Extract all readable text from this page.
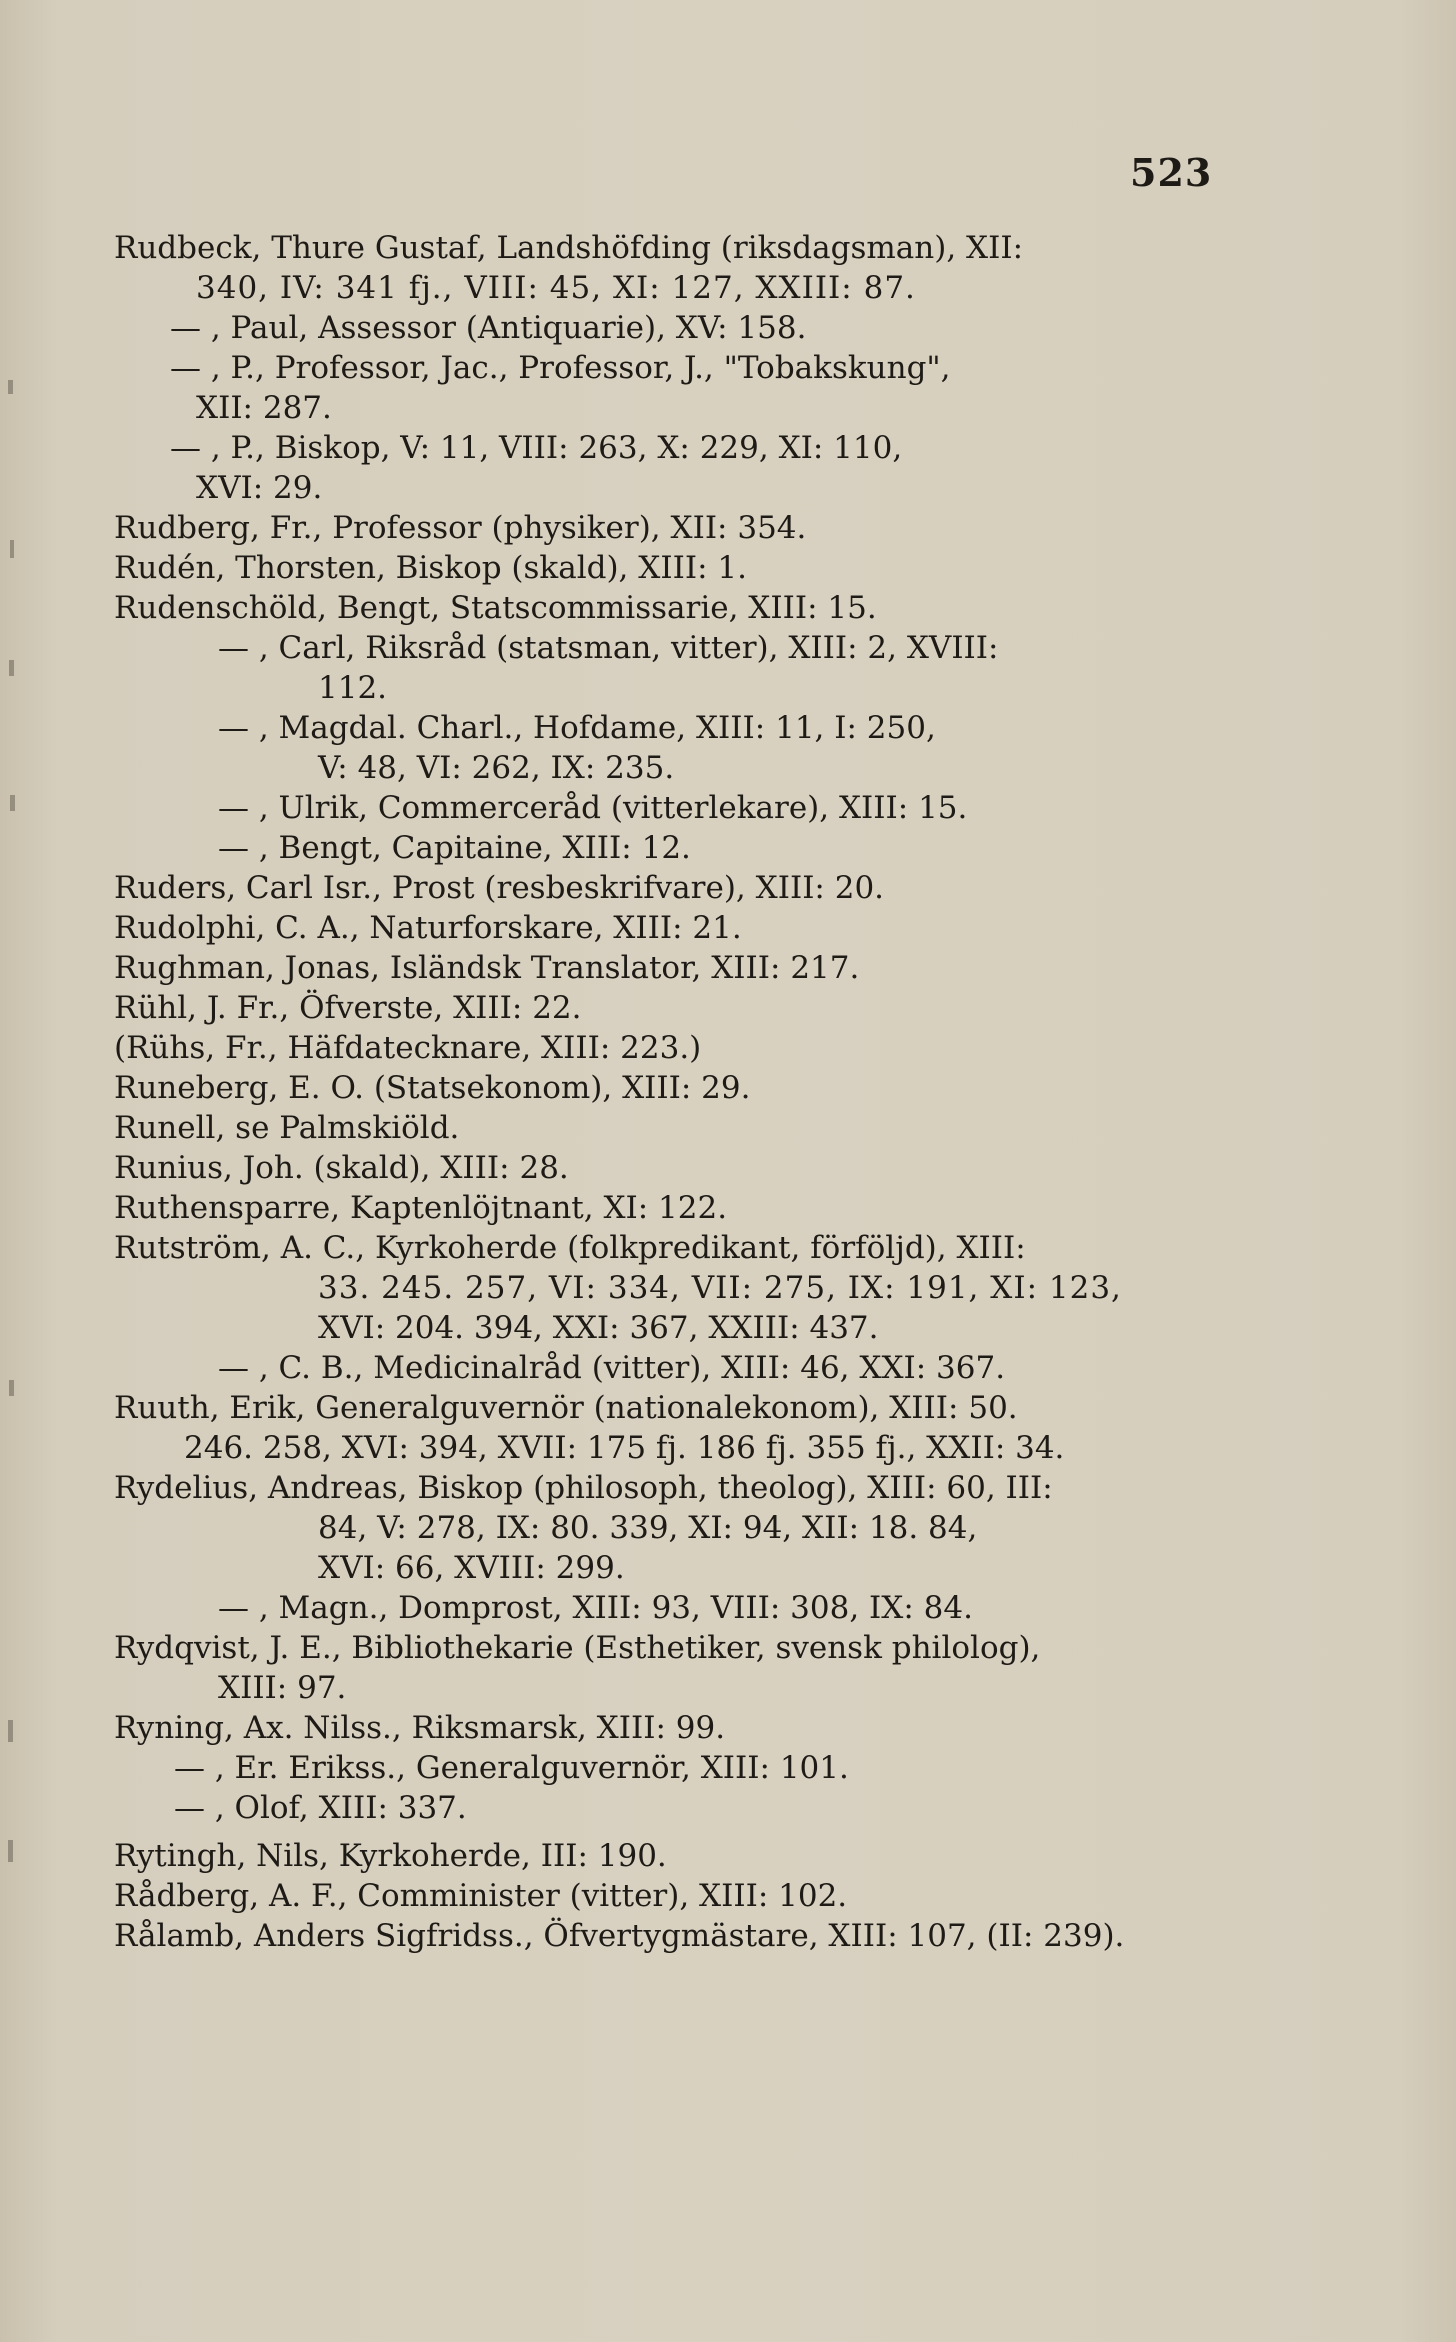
523
Rudbeck, Thure Gustaf, Landshöfding (riksdagsman), XII:
340, IV: 341 fj., VIII: 45, XI: 127, XXIII: 87.
— , Paul, Assessor (Antiquarie), XV: 158.
— , P., Professor, Jac., Professor, J., "Tobakskung",
XII: 287.
— , P., Biskop, V: 11, VIII: 263, X: 229, XI: 110,
XVI: 29.
Rudberg, Fr., Professor (physiker), XII: 354.
Rudén, Thorsten, Biskop (skald), XIII: 1.
Rudenschöld, Bengt, Statscommissarie, XIII: 15.
— , Carl, Riksråd (statsman, vitter), XIII: 2, XVIII:
112.
— , Magdal. Charl., Hofdame, XIII: 11, I: 250,
V: 48, VI: 262, IX: 235.
— , Ulrik, Commerceråd (vitterlekare), XIII: 15.
— , Bengt, Capitaine, XIII: 12.
Ruders, Carl Isr., Prost (resbeskrifvare), XIII: 20.
Rudolphi, C. A., Naturforskare, XIII: 21.
Rughman, Jonas, Isländsk Translator, XIII: 217.
Rühl, J. Fr., Öfverste, XIII: 22.
(Rühs, Fr., Häfdatecknare, XIII: 223.)
Runeberg, E. O. (Statsekonom), XIII: 29.
Runell, se Palmskiöld.
Runius, Joh. (skald), XIII: 28.
Ruthensparre, Kaptenlöjtnant, XI: 122.
Rutström, A. C., Kyrkoherde (folkpredikant, förföljd), XIII:
33. 245. 257, VI: 334, VII: 275, IX: 191, XI: 123,
XVI: 204. 394, XXI: 367, XXIII: 437.
— , C. B., Medicinalråd (vitter), XIII: 46, XXI: 367.
Ruuth, Erik, Generalguvernör (nationalekonom), XIII: 50.
246. 258, XVI: 394, XVII: 175 fj. 186 fj. 355 fj., XXII: 34.
Rydelius, Andreas, Biskop (philosoph, theolog), XIII: 60, III:
84, V: 278, IX: 80. 339, XI: 94, XII: 18. 84,
XVI: 66, XVIII: 299.
— , Magn., Domprost, XIII: 93, VIII: 308, IX: 84.
Rydqvist, J. E., Bibliothekarie (Esthetiker, svensk philolog),
XIII: 97.
Ryning, Ax. Nilss., Riksmarsk, XIII: 99.
— , Er. Erikss., Generalguvernör, XIII: 101.
— , Olof, XIII: 337.
Rytingh, Nils, Kyrkoherde, III: 190.
Rådberg, A. F., Comminister (vitter), XIII: 102.
Rålamb, Anders Sigfridss., Öfvertygmästare, XIII: 107, (II: 239).
